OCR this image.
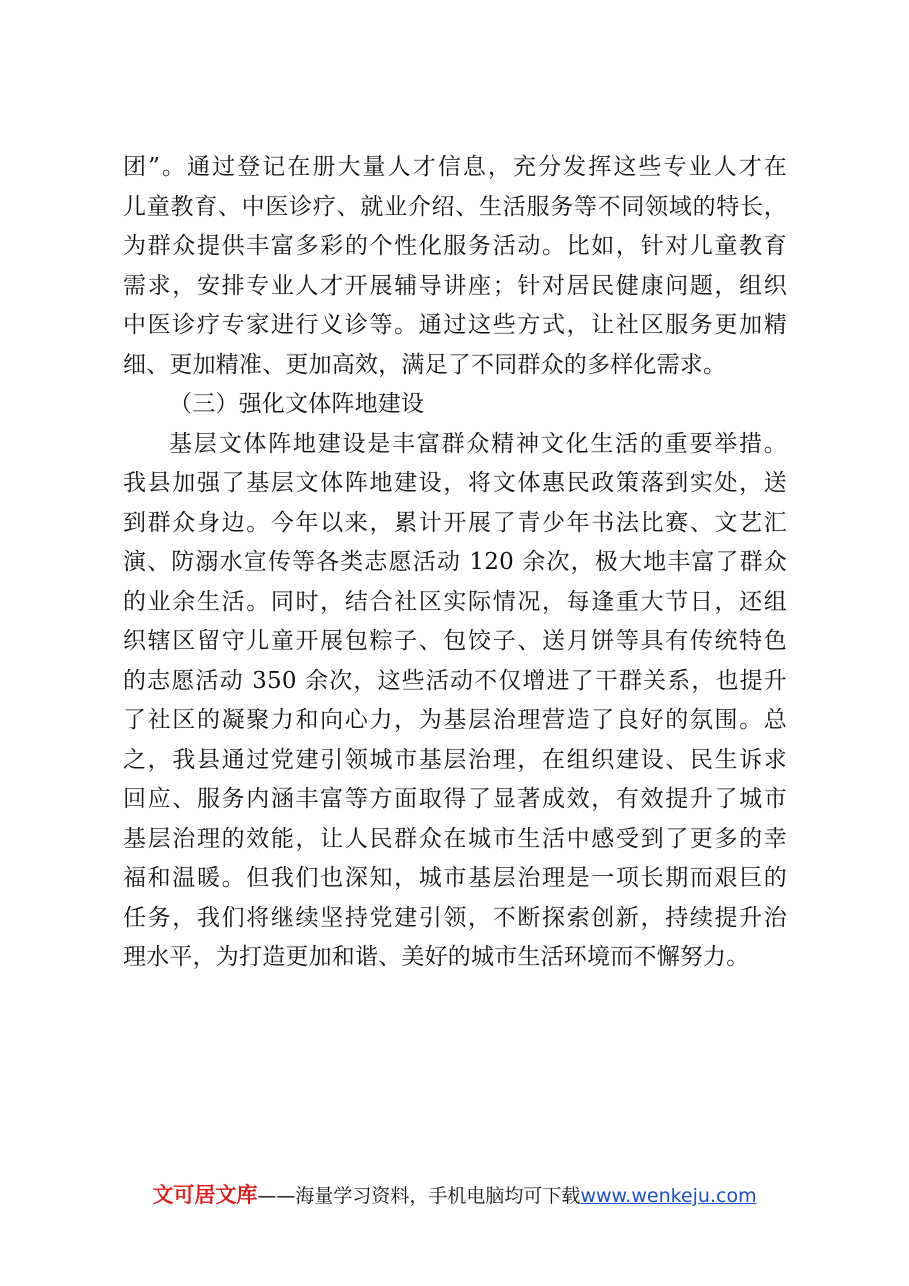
团”。通过登记在册大量人才信息，充分发挥这些专业人才在
儿童教育、中医诊疗、就业介绍、生活服务等不同领域的特长，
为群众提供丰富多彩的个性化服务活动。比如，针对儿童教育
需求，安排专业人才开展辅导讲座；针对居民健康问题，组织
中医诊疗专家进行义诊等。通过这些方式，让社区服务更加精
细、更加精准、更加高效，满足了不同群众的多样化需求。
（三）强化文体阵地建设
基层文体阵地建设是丰富群众精神文化生活的重要举措。
我县加强了基层文体阵地建设，将文体惠民政策落到实处，送
到群众身边。今年以来，累计开展了青少年书法比赛、文艺汇
演、防溺水宣传等各类志愿活动 120 余次，极大地丰富了群众
的业余生活。同时，结合社区实际情况，每逢重大节日，还组
织辖区留守儿童开展包粽子、包饺子、送月饼等具有传统特色
的志愿活动 350 余次，这些活动不仅增进了干群关系，也提升
了社区的凝聚力和向心力，为基层治理营造了良好的氛围。总
之，我县通过党建引领城市基层治理，在组织建设、民生诉求
回应、服务内涵丰富等方面取得了显著成效，有效提升了城市
基层治理的效能，让人民群众在城市生活中感受到了更多的幸
福和温暖。但我们也深知，城市基层治理是一项长期而艰巨的
任务，我们将继续坚持党建引领，不断探索创新，持续提升治
理水平，为打造更加和谐、美好的城市生活环境而不懈努力。
文可居文库——海量学习资料，手机电脑均可下载www.wenkeju.com
